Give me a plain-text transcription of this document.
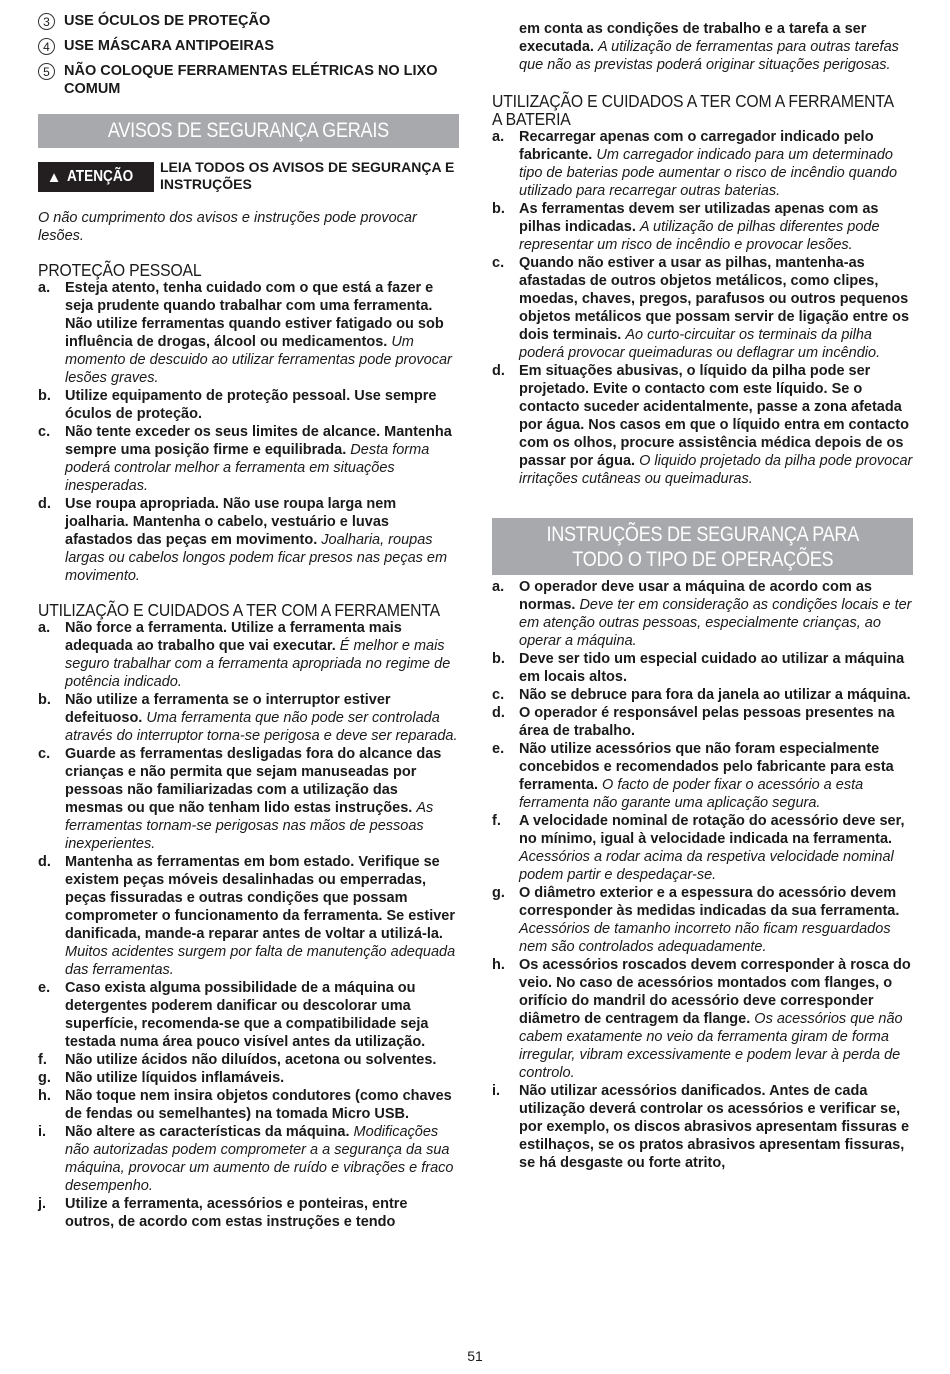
3 USE ÓCULOS DE PROTEÇÃO
4 USE MÁSCARA ANTIPOEIRAS
5 NÃO COLOQUE FERRAMENTAS ELÉTRICAS NO LIXO COMUM
AVISOS DE SEGURANÇA GERAIS
▲ ATENÇÃO
LEIA TODOS OS AVISOS DE SEGURANÇA E INSTRUÇÕES

O não cumprimento dos avisos e instruções pode provocar lesões.

PROTEÇÃO PESSOAL
a.	Esteja atento, tenha cuidado com o que está a fazer e seja prudente quando trabalhar com uma ferramenta. Não utilize ferramentas quando estiver fatigado ou sob influência de drogas, álcool ou medicamentos. Um momento de descuido ao utilizar ferramentas pode provocar lesões graves.
b. Utilize equipamento de proteção pessoal. Use sempre óculos de proteção.
c.	Não tente exceder os seus limites de alcance. Mantenha sempre uma posição firme e equilibrada. Desta forma poderá controlar melhor a ferramenta em situações inesperadas.
d. Use roupa apropriada. Não use roupa larga nem joalharia. Mantenha o cabelo, vestuário e luvas afastados das peças em movimento. Joalharia, roupas largas ou cabelos longos podem ficar presos nas peças em movimento.
UTILIZAÇÃO E CUIDADOS A TER COM A FERRAMENTA
a.	Não force a ferramenta. Utilize a ferramenta mais adequada ao trabalho que vai executar. É melhor e mais seguro trabalhar com a ferramenta apropriada no regime de potência indicado.
b. Não utilize a ferramenta se o interruptor estiver defeituoso. Uma ferramenta que não pode ser controlada através do interruptor torna-se perigosa e deve ser reparada.
c.	Guarde as ferramentas desligadas fora do alcance das crianças e não permita que sejam manuseadas por pessoas não familiarizadas com a utilização das mesmas ou que não tenham lido estas instruções. As ferramentas tornam-se perigosas nas mãos de pessoas inexperientes.
d. Mantenha as ferramentas em bom estado. Verifique se existem peças móveis desalinhadas ou emperradas, peças fissuradas e outras condições que possam comprometer o funcionamento da ferramenta. Se estiver danificada, mande-a reparar antes de voltar a utilizá-la. Muitos acidentes surgem por falta de manutenção adequada das ferramentas.
e.	Caso exista alguma possibilidade de a máquina ou detergentes poderem danificar ou descolorar uma superfície, recomenda-se que a compatibilidade seja testada numa área pouco visível antes da utilização.
f.	Não utilize ácidos não diluídos, acetona ou solventes.
g. Não utilize líquidos inflamáveis.
h. Não toque nem insira objetos condutores (como chaves de fendas ou semelhantes) na tomada Micro USB.
i.	Não altere as características da máquina. Modificações não autorizadas podem comprometer a a segurança da sua máquina, provocar um aumento de ruído e vibrações e fraco desempenho.
j.	Utilize a ferramenta, acessórios e ponteiras, entre outros, de acordo com estas instruções e tendo
em conta as condições de trabalho e a tarefa a ser executada. A utilização de ferramentas para outras tarefas que não as previstas poderá originar situações perigosas.
UTILIZAÇÃO E CUIDADOS A TER COM A FERRAMENTA
A BATERIA
a.	Recarregar apenas com o carregador indicado pelo fabricante. Um carregador indicado para um determinado tipo de baterias pode aumentar o risco de incêndio quando utilizado para recarregar outras baterias.
b. As ferramentas devem ser utilizadas apenas com as pilhas indicadas. A utilização de pilhas diferentes pode representar um risco de incêndio e provocar lesões.
c.	Quando não estiver a usar as pilhas, mantenha-as afastadas de outros objetos metálicos, como clipes, moedas, chaves, pregos, parafusos ou outros pequenos objetos metálicos que possam servir de ligação entre os dois terminais. Ao curto-circuitar os terminais da pilha poderá provocar queimaduras ou deflagrar um incêndio.
d. Em situações abusivas, o líquido da pilha pode ser projetado. Evite o contacto com este líquido. Se o contacto suceder acidentalmente, passe a zona afetada por água. Nos casos em que o líquido entra em contacto com os olhos, procure assistência médica depois de os passar por água. O liquido projetado da pilha pode provocar irritações cutâneas ou queimaduras.
INSTRUÇÕES DE SEGURANÇA PARA
TODO O TIPO DE OPERAÇÕES
a.	O operador deve usar a máquina de acordo com as normas. Deve ter em consideração as condições locais e ter em atenção outras pessoas, especialmente crianças, ao operar a máquina.
b. Deve ser tido um especial cuidado ao utilizar a máquina em locais altos.
c.	Não se debruce para fora da janela ao utilizar a máquina.
d. O operador é responsável pelas pessoas presentes na área de trabalho.
e.	Não utilize acessórios que não foram especialmente concebidos e recomendados pelo fabricante para esta ferramenta. O facto de poder fixar o acessório a esta ferramenta não garante uma aplicação segura.
f.	A velocidade nominal de rotação do acessório deve ser, no mínimo, igual à velocidade indicada na ferramenta. Acessórios a rodar acima da respetiva velocidade nominal podem partir e despedaçar-se.
g. O diâmetro exterior e a espessura do acessório devem corresponder às medidas indicadas da sua ferramenta. Acessórios de tamanho incorreto não ficam resguardados nem são controlados adequadamente.
h. Os acessórios roscados devem corresponder à rosca do veio. No caso de acessórios montados com flanges, o orifício do mandril do acessório deve corresponder diâmetro de centragem da flange. Os acessórios que não cabem exatamente no veio da ferramenta giram de forma irregular, vibram excessivamente e podem levar à perda de controlo.
i.	Não utilizar acessórios danificados. Antes de cada utilização deverá controlar os acessórios e verificar se, por exemplo, os discos abrasivos apresentam fissuras e estilhaços, se os pratos abrasivos apresentam fissuras, se há desgaste ou forte atrito,
51
